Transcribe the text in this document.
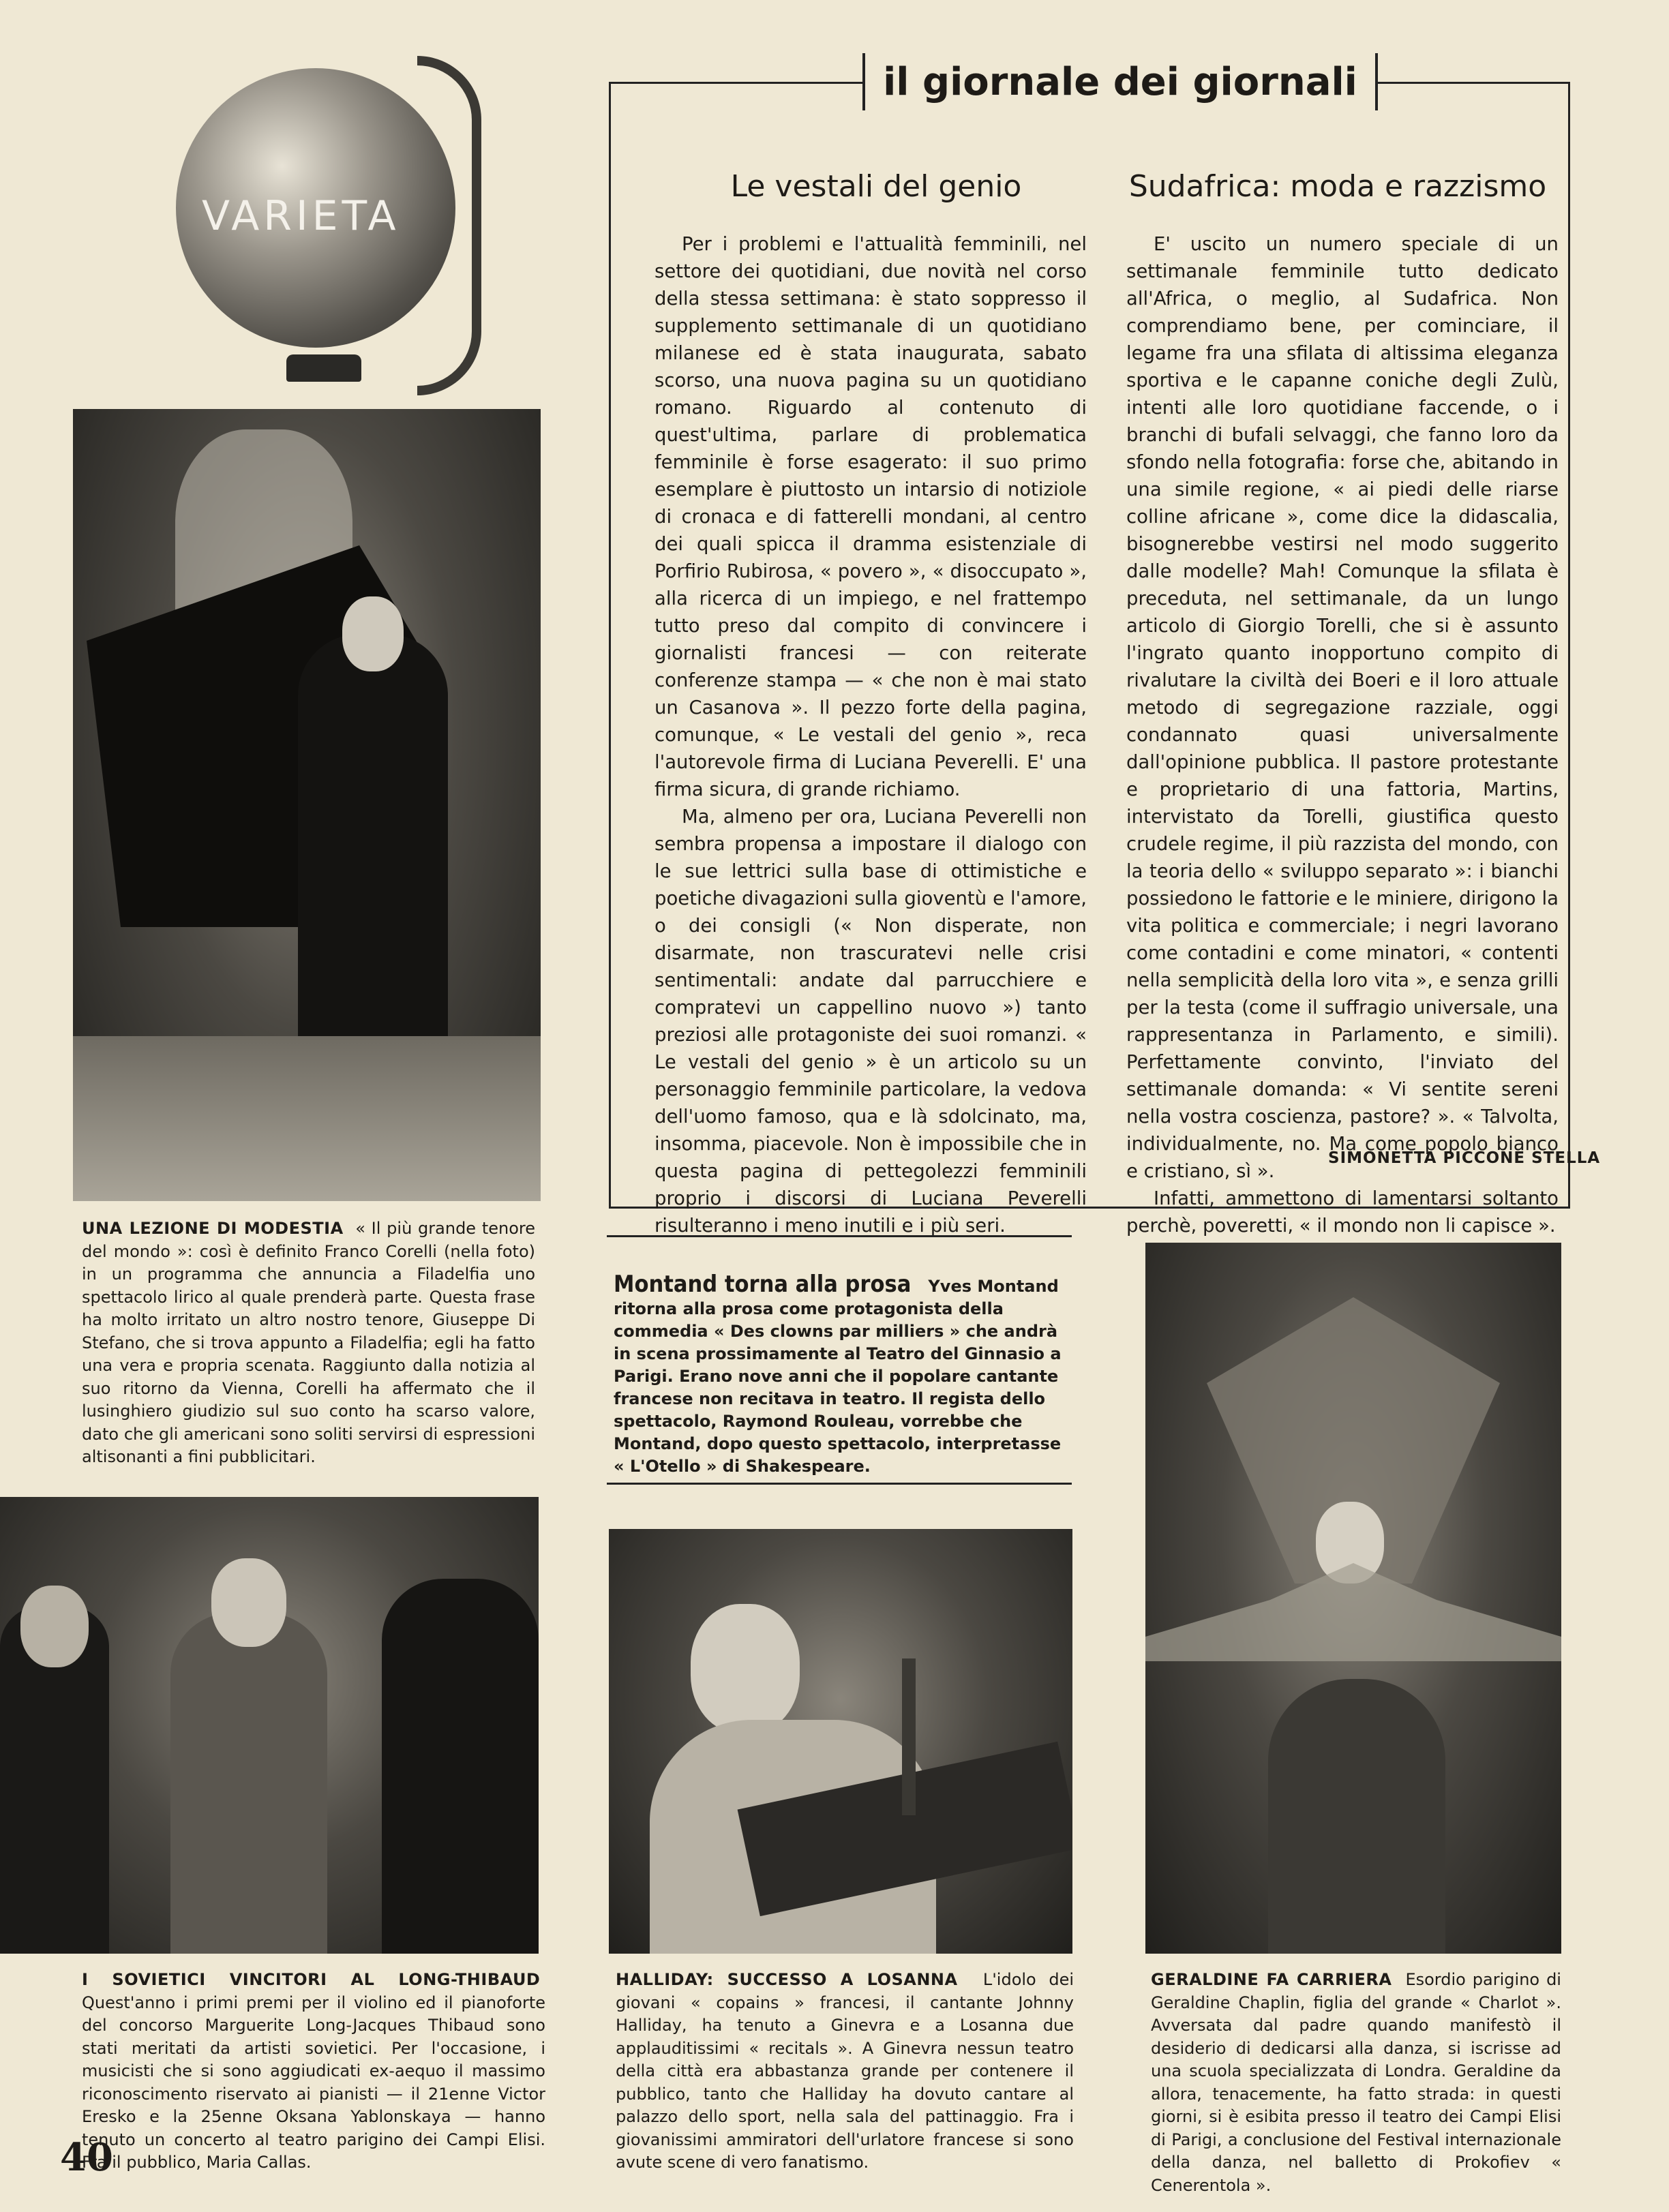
VARIETA
il giornale dei giornali
Le vestali del genio

Per i problemi e l'attualità femminili, nel settore dei quotidiani, due novità nel corso della stessa settimana: è stato soppresso il supplemento settimanale di un quotidiano milanese ed è stata inaugurata, sabato scorso, una nuova pagina su un quotidiano romano. Riguardo al contenuto di quest'ultima, parlare di problematica femminile è forse esagerato: il suo primo esemplare è piuttosto un intarsio di notiziole di cronaca e di fatterelli mondani, al centro dei quali spicca il dramma esistenziale di Porfirio Rubirosa, « povero », « disoccupato », alla ricerca di un impiego, e nel frattempo tutto preso dal compito di convincere i giornalisti francesi — con reiterate conferenze stampa — « che non è mai stato un Casanova ». Il pezzo forte della pagina, comunque, « Le vestali del genio », reca l'autorevole firma di Luciana Peverelli. E' una firma sicura, di grande richiamo.

Ma, almeno per ora, Luciana Peverelli non sembra propensa a impostare il dialogo con le sue lettrici sulla base di ottimistiche e poetiche divagazioni sulla gioventù e l'amore, o dei consigli (« Non disperate, non disarmate, non trascuratevi nelle crisi sentimentali: andate dal parrucchiere e compratevi un cappellino nuovo ») tanto preziosi alle protagoniste dei suoi romanzi. « Le vestali del genio » è un articolo su un personaggio femminile particolare, la vedova dell'uomo famoso, qua e là sdolcinato, ma, insomma, piacevole. Non è impossibile che in questa pagina di pettegolezzi femminili proprio i discorsi di Luciana Peverelli risulteranno i meno inutili e i più seri.

Sudafrica: moda e razzismo

E' uscito un numero speciale di un settimanale femminile tutto dedicato all'Africa, o meglio, al Sudafrica. Non comprendiamo bene, per cominciare, il legame fra una sfilata di altissima eleganza sportiva e le capanne coniche degli Zulù, intenti alle loro quotidiane faccende, o i branchi di bufali selvaggi, che fanno loro da sfondo nella fotografia: forse che, abitando in una simile regione, « ai piedi delle riarse colline africane », come dice la didascalia, bisognerebbe vestirsi nel modo suggerito dalle modelle? Mah! Comunque la sfilata è preceduta, nel settimanale, da un lungo articolo di Giorgio Torelli, che si è assunto l'ingrato quanto inopportuno compito di rivalutare la civiltà dei Boeri e il loro attuale metodo di segregazione razziale, oggi condannato quasi universalmente dall'opinione pubblica. Il pastore protestante e proprietario di una fattoria, Martins, intervistato da Torelli, giustifica questo crudele regime, il più razzista del mondo, con la teoria dello « sviluppo separato »: i bianchi possiedono le fattorie e le miniere, dirigono la vita politica e commerciale; i negri lavorano come contadini e come minatori, « contenti nella semplicità della loro vita », e senza grilli per la testa (come il suffragio universale, una rappresentanza in Parlamento, e simili). Perfettamente convinto, l'inviato del settimanale domanda: « Vi sentite sereni nella vostra coscienza, pastore? ». « Talvolta, individualmente, no. Ma come popolo bianco e cristiano, sì ».

Infatti, ammettono di lamentarsi soltanto perchè, poveretti, « il mondo non li capisce ».

SIMONETTA PICCONE STELLA
UNA LEZIONE DI MODESTIA « Il più grande tenore del mondo »: così è definito Franco Corelli (nella foto) in un programma che annuncia a Filadelfia uno spettacolo lirico al quale prenderà parte. Questa frase ha molto irritato un altro nostro tenore, Giuseppe Di Stefano, che si trova appunto a Filadelfia; egli ha fatto una vera e propria scenata. Raggiunto dalla notizia al suo ritorno da Vienna, Corelli ha affermato che il lusinghiero giudizio sul suo conto ha scarso valore, dato che gli americani sono soliti servirsi di espressioni altisonanti a fini pubblicitari.
Montand torna alla prosa Yves Montand ritorna alla prosa come protagonista della commedia « Des clowns par milliers » che andrà in scena prossimamente al Teatro del Ginnasio a Parigi. Erano nove anni che il popolare cantante francese non recitava in teatro. Il regista dello spettacolo, Raymond Rouleau, vorrebbe che Montand, dopo questo spettacolo, interpretasse « L'Otello » di Shakespeare.
I SOVIETICI VINCITORI AL LONG-THIBAUD  Quest'anno i primi premi per il violino ed il pianoforte del concorso Marguerite Long-Jacques Thibaud sono stati meritati da artisti sovietici. Per l'occasione, i musicisti che si sono aggiudicati ex-aequo il massimo riconoscimento riservato ai pianisti — il 21enne Victor Eresko e la 25enne Oksana Yablonskaya — hanno tenuto un concerto al teatro parigino dei Campi Elisi. Fra il pubblico, Maria Callas.
HALLIDAY: SUCCESSO A LOSANNA L'idolo dei giovani « copains » francesi, il cantante Johnny Halliday, ha tenuto a Ginevra e a Losanna due applauditissimi « recitals ». A Ginevra nessun teatro della città era abbastanza grande per contenere il pubblico, tanto che Halliday ha dovuto cantare al palazzo dello sport, nella sala del pattinaggio. Fra i giovanissimi ammiratori dell'urlatore francese si sono avute scene di vero fanatismo.
GERALDINE FA CARRIERA Esordio parigino di Geraldine Chaplin, figlia del grande « Charlot ». Avversata dal padre quando manifestò il desiderio di dedicarsi alla danza, si iscrisse ad una scuola specializzata di Londra. Geraldine da allora, tenacemente, ha fatto strada: in questi giorni, si è esibita presso il teatro dei Campi Elisi di Parigi, a conclusione del Festival internazionale della danza, nel balletto di Prokofiev « Cenerentola ».
40
